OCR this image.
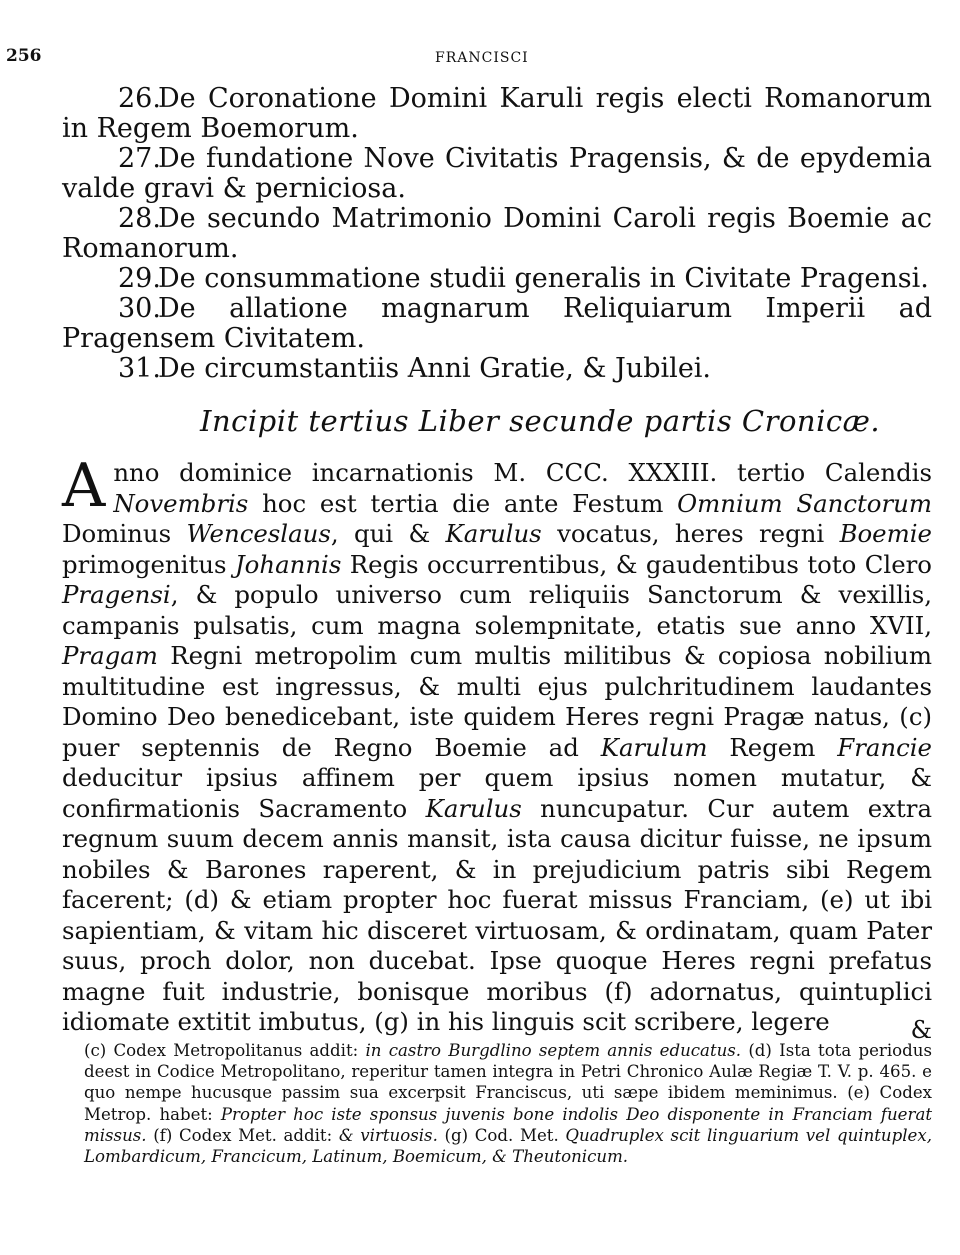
256	FRANCISCI

26.De Coronatione Domini Karuli regis electi Romanorum in Regem Boemorum.

27.De fundatione Nove Civitatis Pragensis, & de epydemia valde gravi & perniciosa.

28.De secundo Matrimonio Domini Caroli regis Boemie ac Romanorum.

29.De consummatione studii generalis in Civitate Pragensi.

30.De allatione magnarum Reliquiarum Imperii ad Pragensem Civitatem.

31.De circumstantiis Anni Gratie, & Jubilei.

Incipit tertius Liber secunde partis Cronicæ.

Anno dominice incarnationis M. CCC. XXXIII. tertio Calendis Novembris hoc est tertia die ante Festum Omnium Sanctorum Dominus Wenceslaus, qui & Karulus vocatus, heres regni Boemie primogenitus Johannis Regis occurrentibus, & gaudentibus toto Clero Pragensi, & populo universo cum reliquiis Sanctorum & vexillis, campanis pulsatis, cum magna solempnitate, etatis sue anno XVII, Pragam Regni metropolim cum multis militibus & copiosa nobilium multitudine est ingressus, & multi ejus pulchritudinem laudantes Domino Deo benedicebant, iste quidem Heres regni Pragæ natus, (c) puer septennis de Regno Boemie ad Karulum Regem Francie deducitur ipsius affinem per quem ipsius nomen mutatur, & confirmationis Sacramento Karulus nuncupatur. Cur autem extra regnum suum decem annis mansit, ista causa dicitur fuisse, ne ipsum nobiles & Barones raperent, & in prejudicium patris sibi Regem facerent; (d) & etiam propter hoc fuerat missus Franciam, (e) ut ibi sapientiam, & vitam hic disceret virtuosam, & ordinatam, quam Pater suus, proch dolor, non ducebat. Ipse quoque Heres regni prefatus magne fuit industrie, bonisque moribus (f) adornatus, quintuplici idiomate extitit imbutus, (g) in his linguis scit scribere, legere	&

(c) Codex Metropolitanus addit: in castro Burgdlino septem annis educatus. (d) Ista tota periodus deest in Codice Metropolitano, reperitur tamen integra in Petri Chronico Aulæ Regiæ T. V. p. 465. e quo nempe hucusque passim sua excerpsit Franciscus, uti sæpe ibidem meminimus. (e) Codex Metrop. habet: Propter hoc iste sponsus juvenis bone indolis Deo disponente in Franciam fuerat missus. (f) Codex Met. addit: & virtuosis. (g) Cod. Met. Quadruplex scit linguarium vel quintuplex, Lombardicum, Francicum, Latinum, Boemicum, & Theutonicum.
